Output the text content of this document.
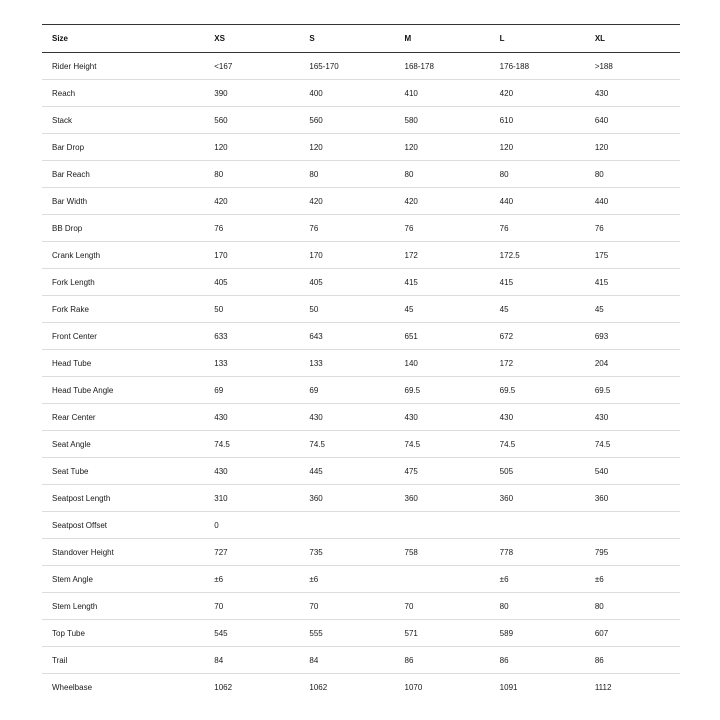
Size	XS	S	M	L	XL
Rider Height	<167	165-170	168-178	176-188	>188
Reach	390	400	410	420	430
Stack	560	560	580	610	640
Bar Drop	120	120	120	120	120
Bar Reach	80	80	80	80	80
Bar Width	420	420	420	440	440
BB Drop	76	76	76	76	76
Crank Length	170	170	172	172.5	175
Fork Length	405	405	415	415	415
Fork Rake	50	50	45	45	45
Front Center	633	643	651	672	693
Head Tube	133	133	140	172	204
Head Tube Angle	69	69	69.5	69.5	69.5
Rear Center	430	430	430	430	430
Seat Angle	74.5	74.5	74.5	74.5	74.5
Seat Tube	430	445	475	505	540
Seatpost Length	310	360	360	360	360
Seatpost Offset	0				
Standover Height	727	735	758	778	795
Stem Angle	±6	±6		±6	±6
Stem Length	70	70	70	80	80
Top Tube	545	555	571	589	607
Trail	84	84	86	86	86
Wheelbase	1062	1062	1070	1091	1112
